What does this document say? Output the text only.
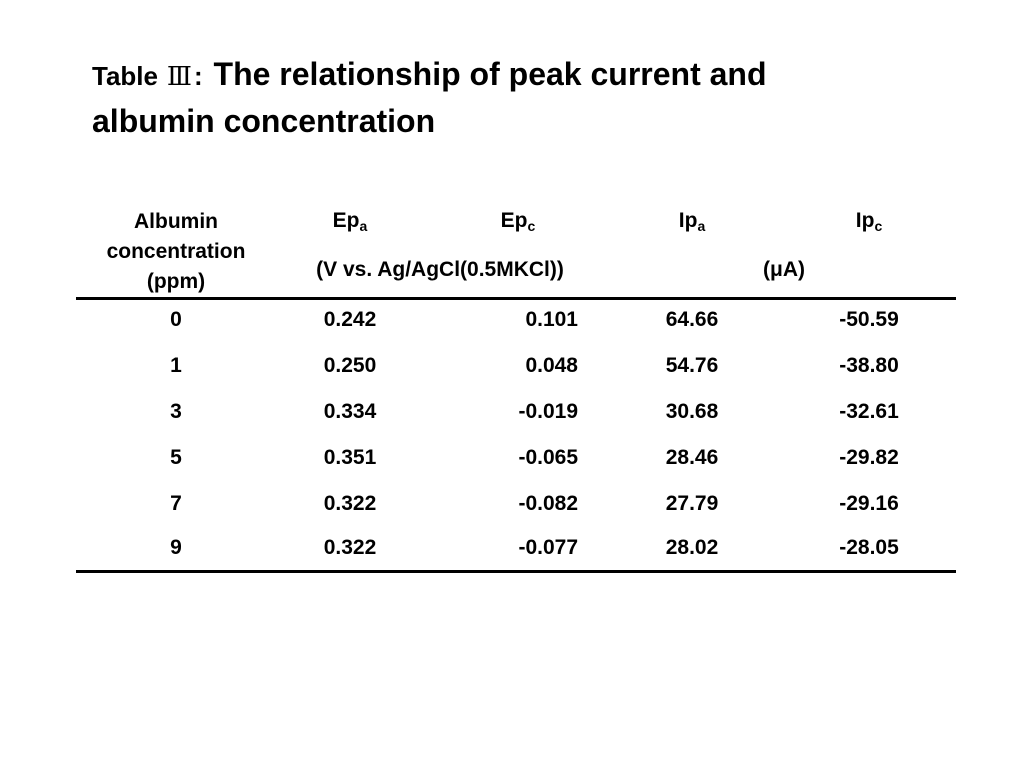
Table Ⅲ: The relationship of peak current and
albumin concentration
Albumin
concentration
(ppm)
$Ep_a$	$Ep_c$	$Ip_a$	$Ip_c$
(V vs. Ag/AgCl(0.5MKCl))	(μA)
0	0.242	0.101	64.66	-50.59
1	0.250	0.048	54.76	-38.80
3	0.334	-0.019	30.68	-32.61
5	0.351	-0.065	28.46	-29.82
7	0.322	-0.082	27.79	-29.16
9	0.322	-0.077	28.02	-28.05
